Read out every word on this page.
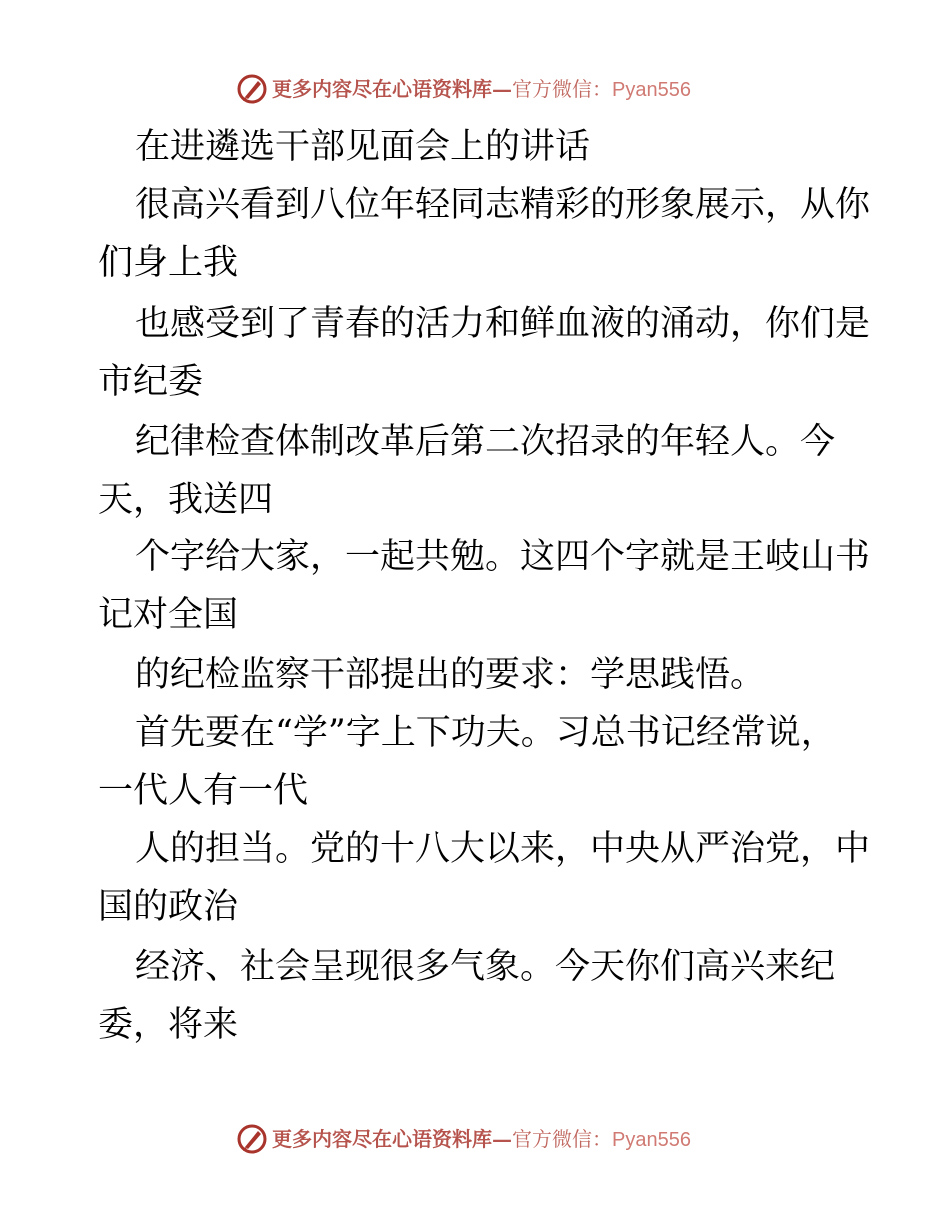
更多内容尽在心语资料库—官方微信：Pyan556

在进遴选干部见面会上的讲话

很高兴看到八位年轻同志精彩的形象展示，从你

们身上我

也感受到了青春的活力和鲜血液的涌动，你们是

市纪委

纪律检查体制改革后第二次招录的年轻人。今

天，我送四

个字给大家，一起共勉。这四个字就是王岐山书

记对全国

的纪检监察干部提出的要求：学思践悟。

首先要在“学”字上下功夫。习总书记经常说，

一代人有一代

人的担当。党的十八大以来，中央从严治党，中

国的政治

经济、社会呈现很多气象。今天你们高兴来纪

委，将来

更多内容尽在心语资料库—官方微信：Pyan556
